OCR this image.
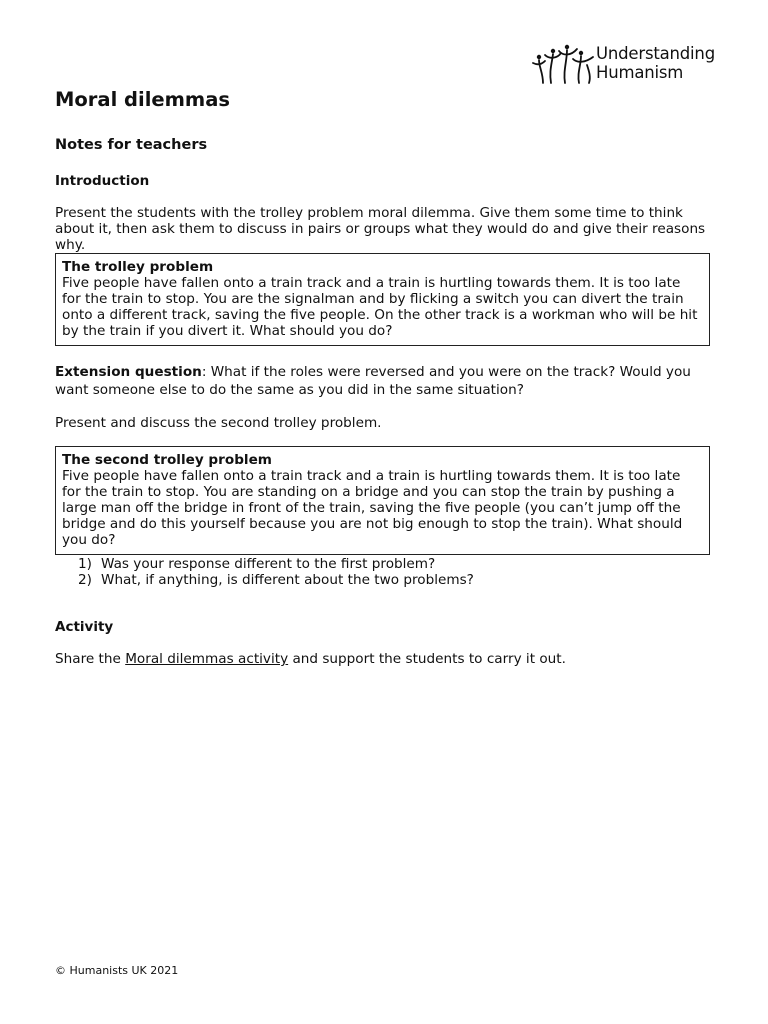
Understanding
Humanism
Moral dilemmas
Notes for teachers
Introduction

Present the students with the trolley problem moral dilemma. Give them some time to think about it, then ask them to discuss in pairs or groups what they would do and give their reasons why.

The trolley problem
Five people have fallen onto a train track and a train is hurtling towards them. It is too late for the train to stop. You are the signalman and by flicking a switch you can divert the train onto a different track, saving the five people. On the other track is a workman who will be hit by the train if you divert it. What should you do?

Extension question: What if the roles were reversed and you were on the track? Would you want someone else to do the same as you did in the same situation?

Present and discuss the second trolley problem.

The second trolley problem
Five people have fallen onto a train track and a train is hurtling towards them. It is too late for the train to stop. You are standing on a bridge and you can stop the train by pushing a large man off the bridge in front of the train, saving the five people (you can’t jump off the bridge and do this yourself because you are not big enough to stop the train). What should you do?
1) Was your response different to the first problem?
2) What, if anything, is different about the two problems?
Activity

Share the Moral dilemmas activity and support the students to carry it out.

© Humanists UK 2021
